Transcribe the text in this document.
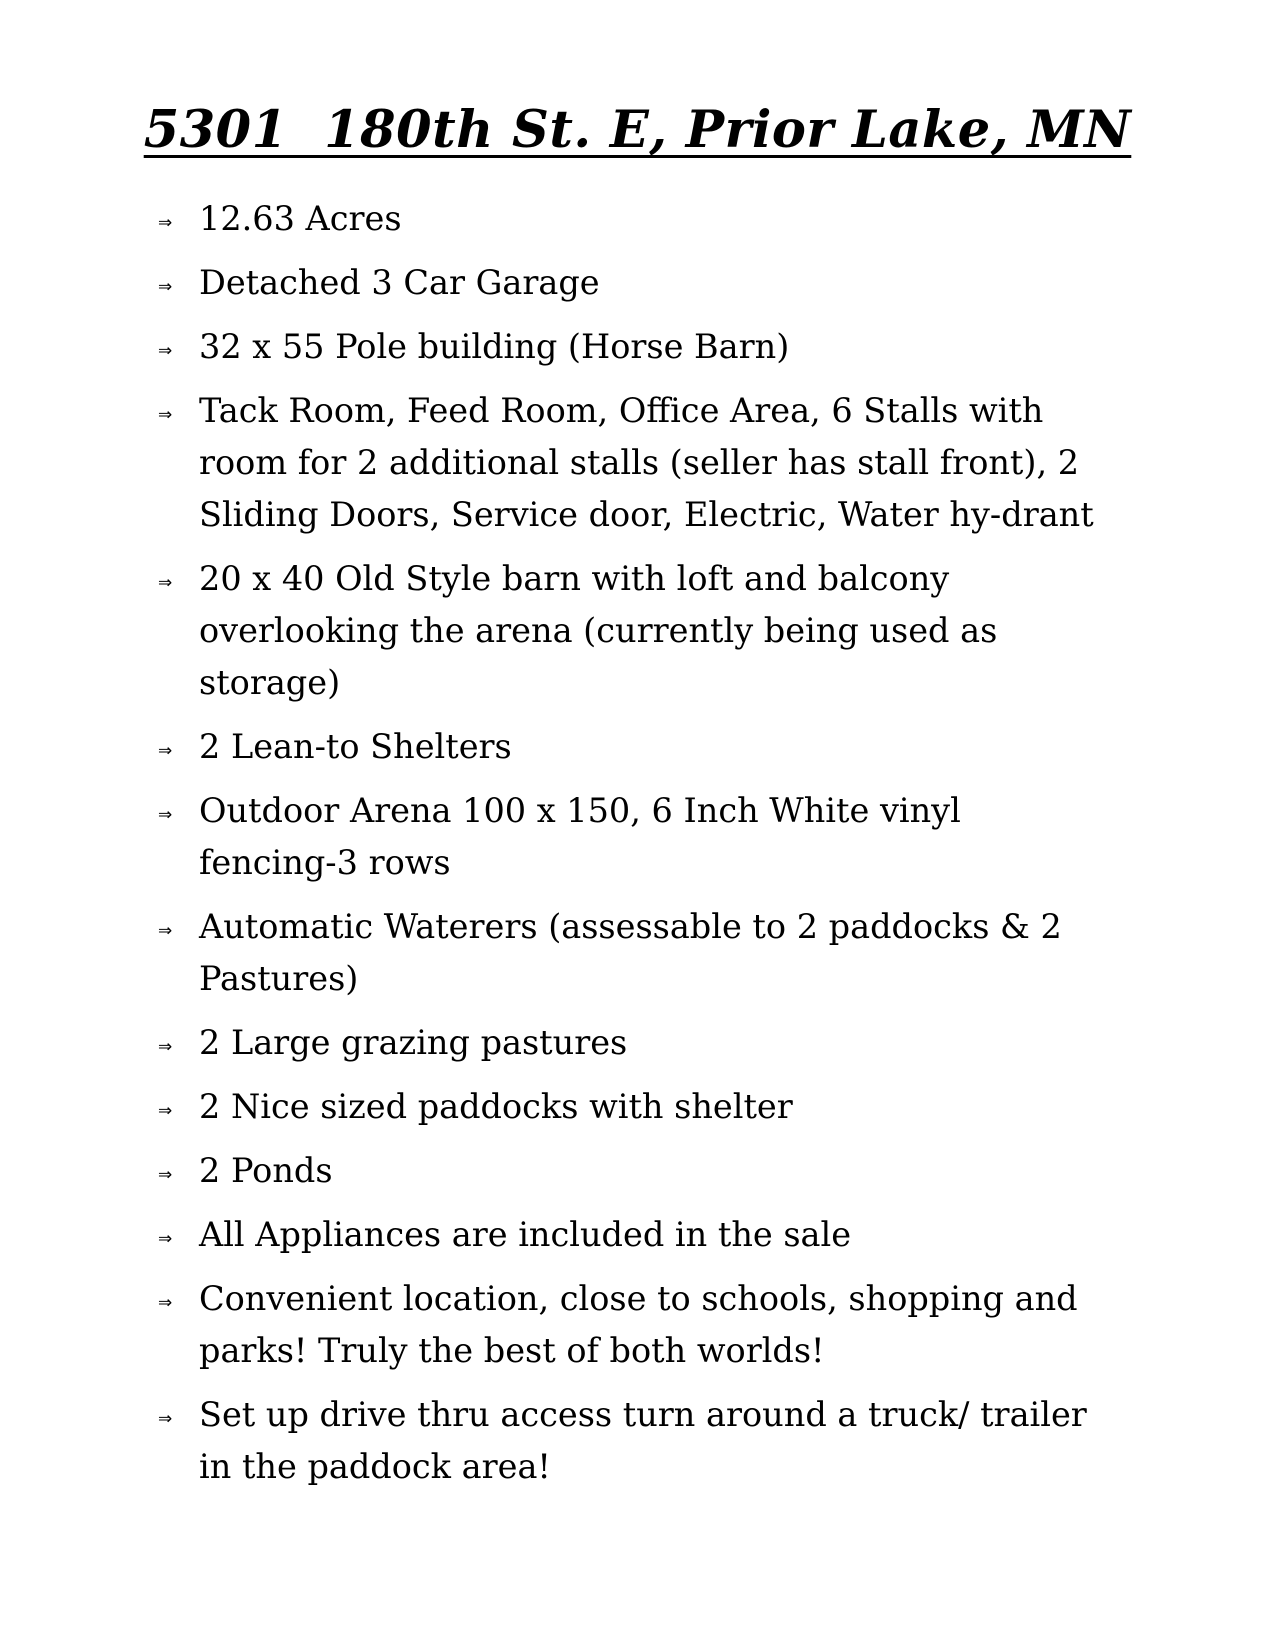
5301  180th St. E, Prior Lake, MN
⇒ 12.63 Acres
⇒ Detached 3 Car Garage
⇒ 32 x 55 Pole building (Horse Barn)
⇒ Tack Room, Feed Room, Office Area, 6 Stalls with room for 2 additional stalls (seller has stall front), 2 Sliding Doors, Service door, Electric, Water hy-drant
⇒ 20 x 40 Old Style barn with loft and balcony overlooking the arena (currently being used as storage)
⇒ 2 Lean-to Shelters
⇒ Outdoor Arena 100 x 150, 6 Inch White vinyl fencing-3 rows
⇒ Automatic Waterers (assessable to 2 paddocks & 2 Pastures)
⇒ 2 Large grazing pastures
⇒ 2 Nice sized paddocks with shelter
⇒ 2 Ponds
⇒ All Appliances are included in the sale
⇒ Convenient location, close to schools, shopping and parks! Truly the best of both worlds!
⇒ Set up drive thru access turn around a truck/ trailer in the paddock area!
